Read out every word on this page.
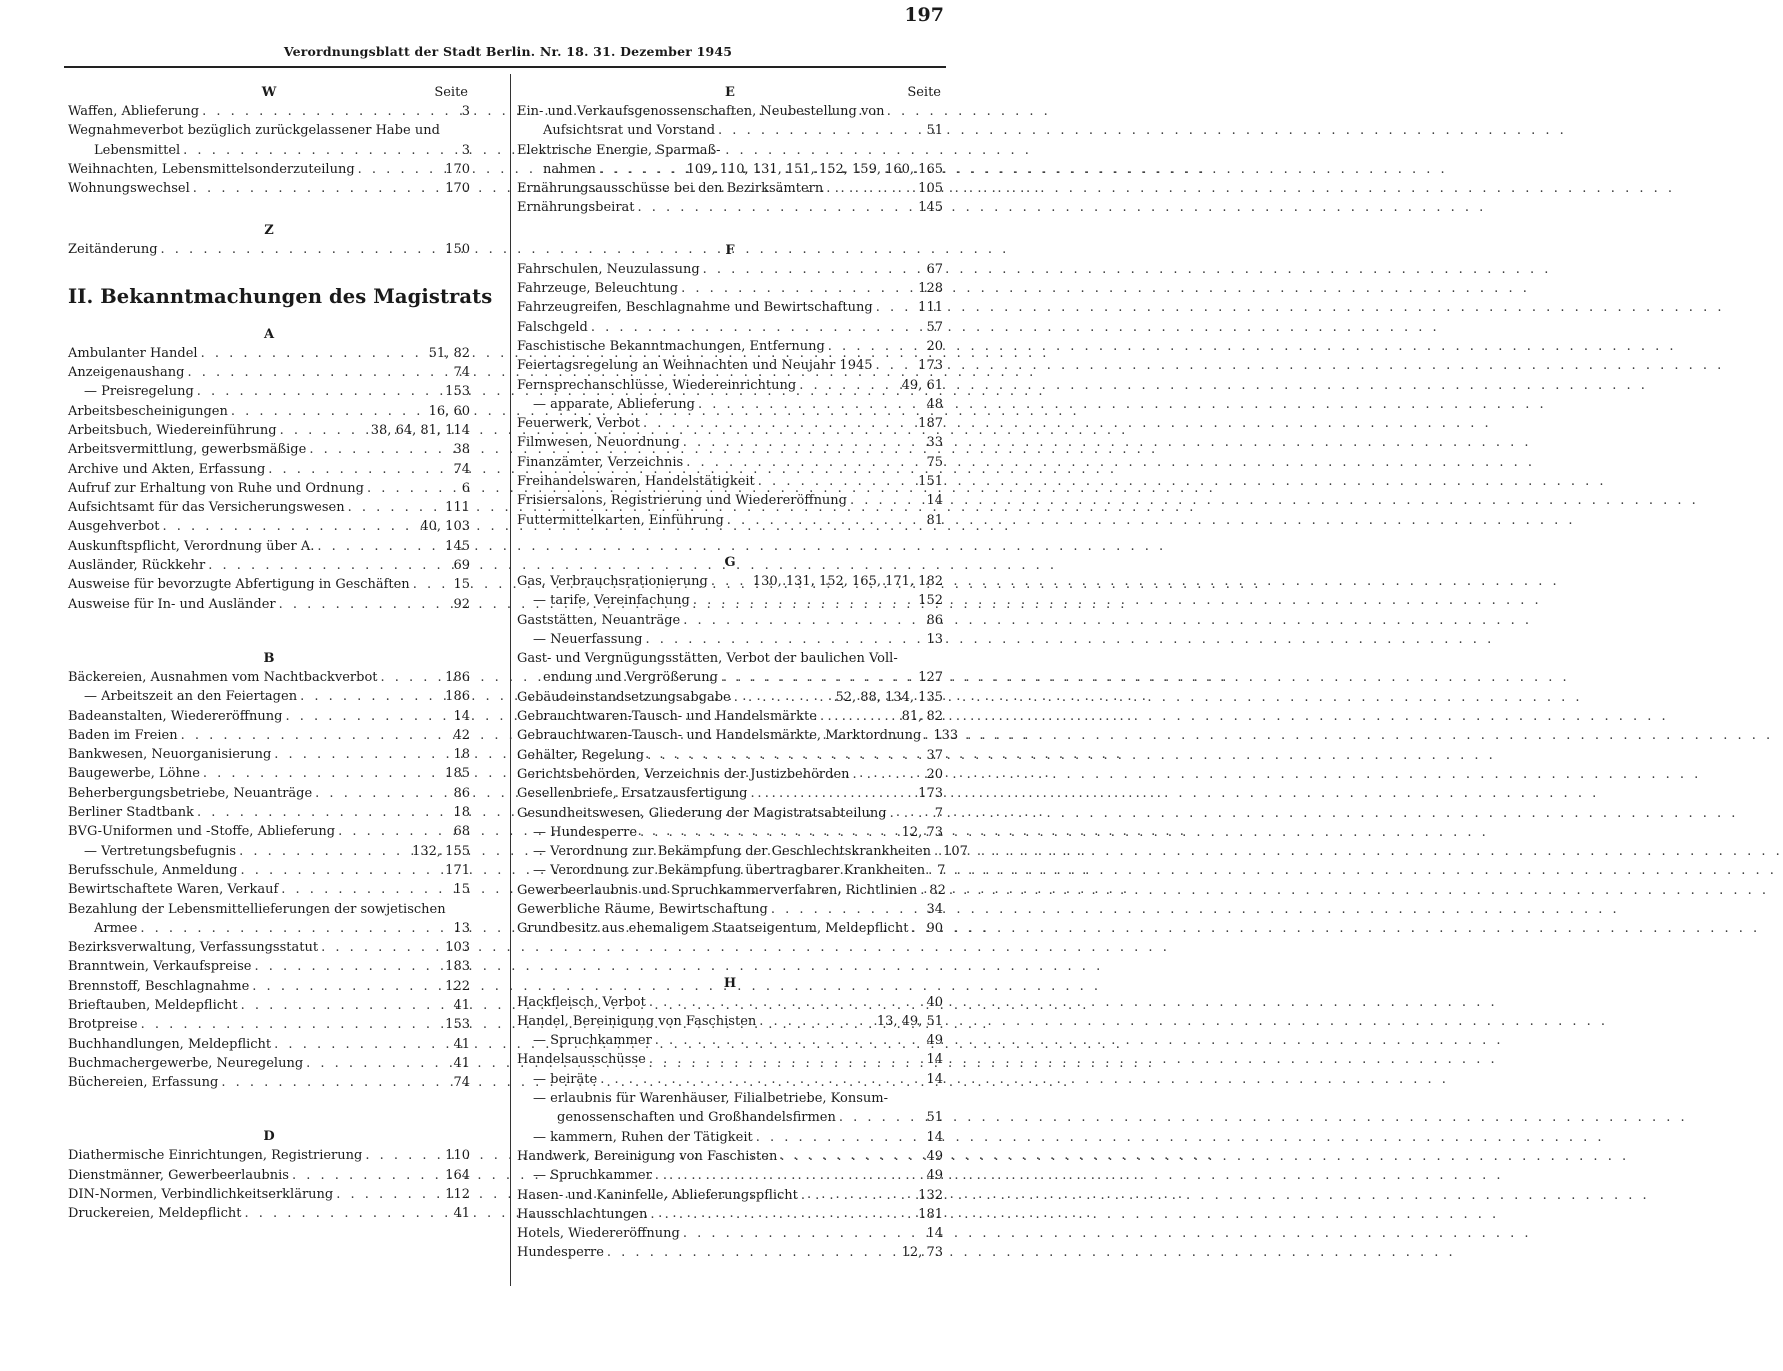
197
Verordnungsblatt der Stadt Berlin. Nr. 18. 31. Dezember 1945
W	Seite
Waffen, Ablieferung . . .	3
Wegnahmeverbot bezüglich zurückgelassener Habe und
Lebensmittel . . .	3
Weihnachten, Lebensmittelsonderzuteilung . . .	170
Wohnungswechsel . . .	170
Z
Zeitänderung . . .	150
II. Bekanntmachungen des Magistrats
A
Ambulanter Handel . . .	51, 82
Anzeigenaushang . . .	74
— Preisregelung . . .	153
Arbeitsbescheinigungen . . .	16, 60
Arbeitsbuch, Wiedereinführung . . .	38, 64, 81, 114
Arbeitsvermittlung, gewerbsmäßige . . .	38
Archive und Akten, Erfassung . . .	74
Aufruf zur Erhaltung von Ruhe und Ordnung . . .	6
Aufsichtsamt für das Versicherungswesen . . .	111
Ausgehverbot . . .	40, 103
Auskunftspflicht, Verordnung über A. . . .	145
Ausländer, Rückkehr . . .	69
Ausweise für bevorzugte Abfertigung in Geschäften . . .	15
Ausweise für In- und Ausländer . . .	92
B
Bäckereien, Ausnahmen vom Nachtbackverbot . . .	186
— Arbeitszeit an den Feiertagen . . .	186
Badeanstalten, Wiedereröffnung . . .	14
Baden im Freien . . .	42
Bankwesen, Neuorganisierung . . .	18
Baugewerbe, Löhne . . .	185
Beherbergungsbetriebe, Neuanträge . . .	86
Berliner Stadtbank . . .	18
BVG-Uniformen und -Stoffe, Ablieferung . . .	68
— Vertretungsbefugnis . . .	132, 155
Berufsschule, Anmeldung . . .	171
Bewirtschaftete Waren, Verkauf . . .	15
Bezahlung der Lebensmittellieferungen der sowjetischen
Armee . . .	13
Bezirksverwaltung, Verfassungsstatut . . .	103
Branntwein, Verkaufspreise . . .	183
Brennstoff, Beschlagnahme . . .	122
Brieftauben, Meldepflicht . . .	41
Brotpreise . . .	153
Buchhandlungen, Meldepflicht . . .	41
Buchmachergewerbe, Neuregelung . . .	41
Büchereien, Erfassung . . .	74
D
Diathermische Einrichtungen, Registrierung . . .	110
Dienstmänner, Gewerbeerlaubnis . . .	164
DIN-Normen, Verbindlichkeitserklärung . . .	112
Druckereien, Meldepflicht . . .	41
E	Seite
Ein- und Verkaufsgenossenschaften, Neubestellung von
Aufsichtsrat und Vorstand . . .	51
Elektrische Energie, Sparmaß-
nahmen . . .	109, 110, 131, 151, 152, 159, 160, 165
Ernährungsausschüsse bei den Bezirksämtern . . .	105
Ernährungsbeirat . . .	145
F
Fahrschulen, Neuzulassung . . .	67
Fahrzeuge, Beleuchtung . . .	128
Fahrzeugreifen, Beschlagnahme und Bewirtschaftung . . .	111
Falschgeld . . .	57
Faschistische Bekanntmachungen, Entfernung . . .	20
Feiertagsregelung an Weihnachten und Neujahr 1945 . . .	173
Fernsprechanschlüsse, Wiedereinrichtung . . .	49, 61
— apparate, Ablieferung . . .	48
Feuerwerk, Verbot . . .	187
Filmwesen, Neuordnung . . .	33
Finanzämter, Verzeichnis . . .	75
Freihandelswaren, Handelstätigkeit . . .	151
Frisiersalons, Registrierung und Wiedereröffnung . . .	14
Futtermittelkarten, Einführung . . .	81
G
Gas, Verbrauchsrationierung . . .	130, 131, 152, 165, 171, 182
— tarife, Vereinfachung . . .	152
Gaststätten, Neuanträge . . .	86
— Neuerfassung . . .	13
Gast- und Vergnügungsstätten, Verbot der baulichen Voll-
endung und Vergrößerung . . .	127
Gebäudeinstandsetzungsabgabe . . .	52, 88, 134, 135
Gebrauchtwaren-Tausch- und Handelsmärkte . . .	81, 82
Gebrauchtwaren-Tausch- und Handelsmärkte, Marktordnung . . . 133
Gehälter, Regelung . . .	37
Gerichtsbehörden, Verzeichnis der Justizbehörden . . .	20
Gesellenbriefe, Ersatzausfertigung . . .	173
Gesundheitswesen, Gliederung der Magistratsabteilung . . .	7
— Hundesperre . . .	12, 73
— Verordnung zur Bekämpfung der Geschlechtskrankheiten . . . 107
— Verordnung zur Bekämpfung übertragbarer Krankheiten . . . 7
Gewerbeerlaubnis und Spruchkammerverfahren, Richtlinien . . . 82
Gewerbliche Räume, Bewirtschaftung . . .	34
Grundbesitz aus ehemaligem Staatseigentum, Meldepflicht . . . 90
H
Hackfleisch, Verbot . . .	40
Handel, Bereinigung von Faschisten . . .	13, 49, 51
— Spruchkammer . . .	49
Handelsausschüsse . . .	14
— beiräte . . .	14
— erlaubnis für Warenhäuser, Filialbetriebe, Konsum-
genossenschaften und Großhandelsfirmen . . .	51
— kammern, Ruhen der Tätigkeit . . .	14
Handwerk, Bereinigung von Faschisten . . .	49
— Spruchkammer . . .	49
Hasen- und Kaninfelle, Ablieferungspflicht . . .	132
Hausschlachtungen . . .	181
Hotels, Wiedereröffnung . . .	14
Hundesperre . . .	12, 73
